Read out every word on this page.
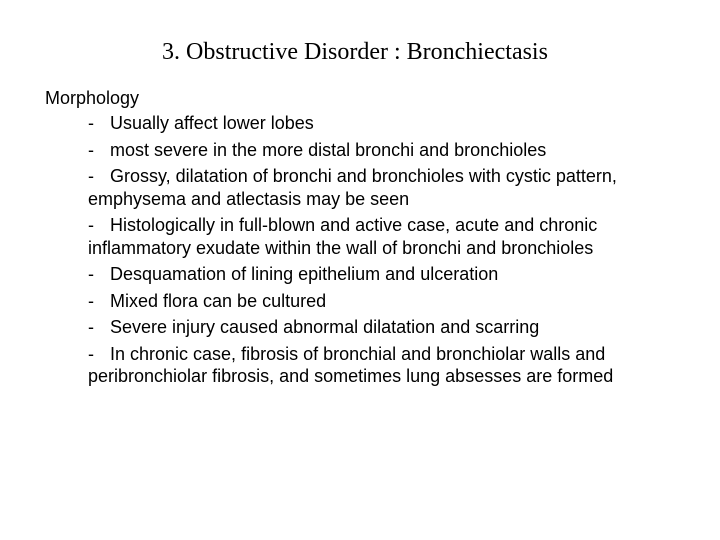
3. Obstructive Disorder : Bronchiectasis
Morphology
- Usually affect lower lobes
- most severe in the more distal bronchi and bronchioles
- Grossy, dilatation of bronchi and bronchioles with cystic pattern, emphysema and atlectasis may be seen
- Histologically in full-blown and active case, acute and chronic inflammatory exudate within the wall of bronchi and bronchioles
- Desquamation of lining epithelium and ulceration
- Mixed flora can be cultured
- Severe injury caused abnormal dilatation and scarring
- In chronic case, fibrosis of bronchial and bronchiolar walls and peribronchiolar fibrosis, and sometimes lung absesses are formed
